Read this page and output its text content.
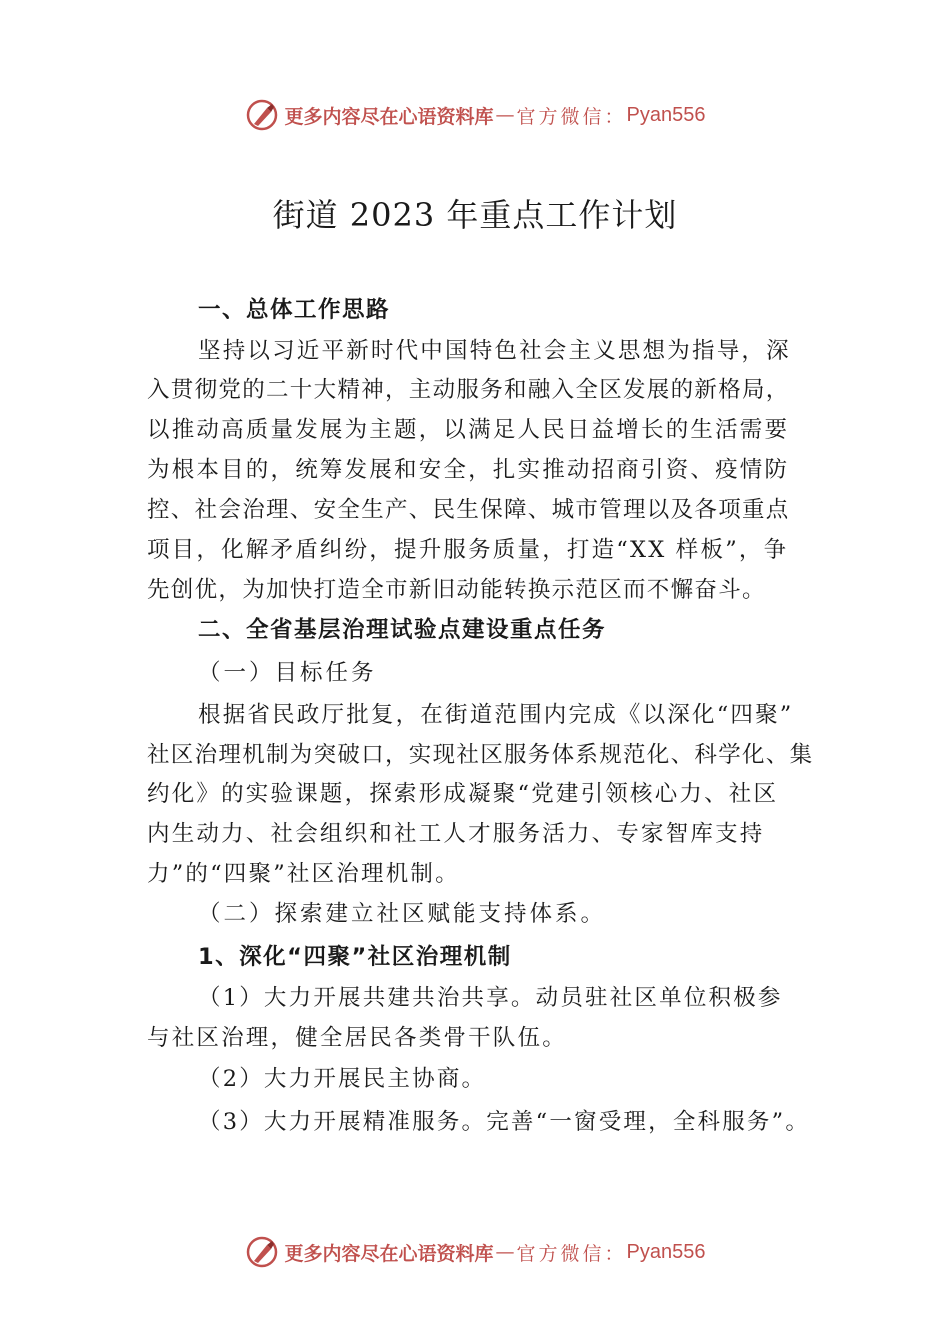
更多内容尽在心语资料库 — 官方微信： Pyan556
街道 2023 年重点工作计划
一、总体工作思路
坚持以习近平新时代中国特色社会主义思想为指导，深
入贯彻党的二十大精神，主动服务和融入全区发展的新格局，
以推动高质量发展为主题，以满足人民日益增长的生活需要
为根本目的，统筹发展和安全，扎实推动招商引资、疫情防
控、社会治理、安全生产、民生保障、城市管理以及各项重点
项目，化解矛盾纠纷，提升服务质量，打造“XX 样板”，争
先创优，为加快打造全市新旧动能转换示范区而不懈奋斗。
二、全省基层治理试验点建设重点任务
（一）目标任务
根据省民政厅批复，在街道范围内完成《以深化“四聚”
社区治理机制为突破口，实现社区服务体系规范化、科学化、集
约化》的实验课题，探索形成凝聚“党建引领核心力、社区
内生动力、社会组织和社工人才服务活力、专家智库支持
力”的“四聚”社区治理机制。
（二）探索建立社区赋能支持体系。
1、深化“四聚”社区治理机制
（1）大力开展共建共治共享。动员驻社区单位积极参
与社区治理，健全居民各类骨干队伍。
（2）大力开展民主协商。
（3）大力开展精准服务。完善“一窗受理，全科服务”。
更多内容尽在心语资料库 — 官方微信： Pyan556
